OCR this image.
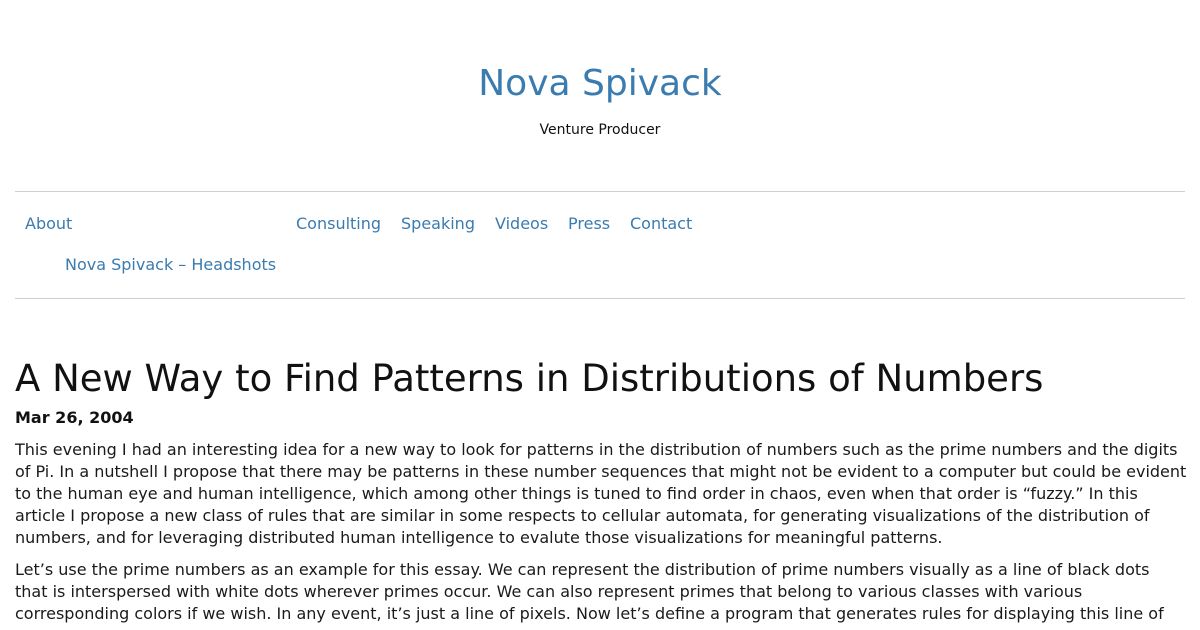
Nova Spivack
Venture Producer
About
Nova Spivack – Headshots
Consulting Speaking Videos Press Contact
A New Way to Find Patterns in Distributions of Numbers
Mar 26, 2004

This evening I had an interesting idea for a new way to look for patterns in the distribution of numbers such as the prime numbers and the digits of Pi. In a nutshell I propose that there may be patterns in these number sequences that might not be evident to a computer but could be evident to the human eye and human intelligence, which among other things is tuned to find order in chaos, even when that order is “fuzzy.” In this article I propose a new class of rules that are similar in some respects to cellular automata, for generating visualizations of the distribution of numbers, and for leveraging distributed human intelligence to evalute those visualizations for meaningful patterns.

Let’s use the prime numbers as an example for this essay. We can represent the distribution of prime numbers visually as a line of black dots that is interspersed with white dots wherever primes occur. We can also represent primes that belong to various classes with various corresponding colors if we wish. In any event, it’s just a line of pixels. Now let’s define a program that generates rules for displaying this line of
